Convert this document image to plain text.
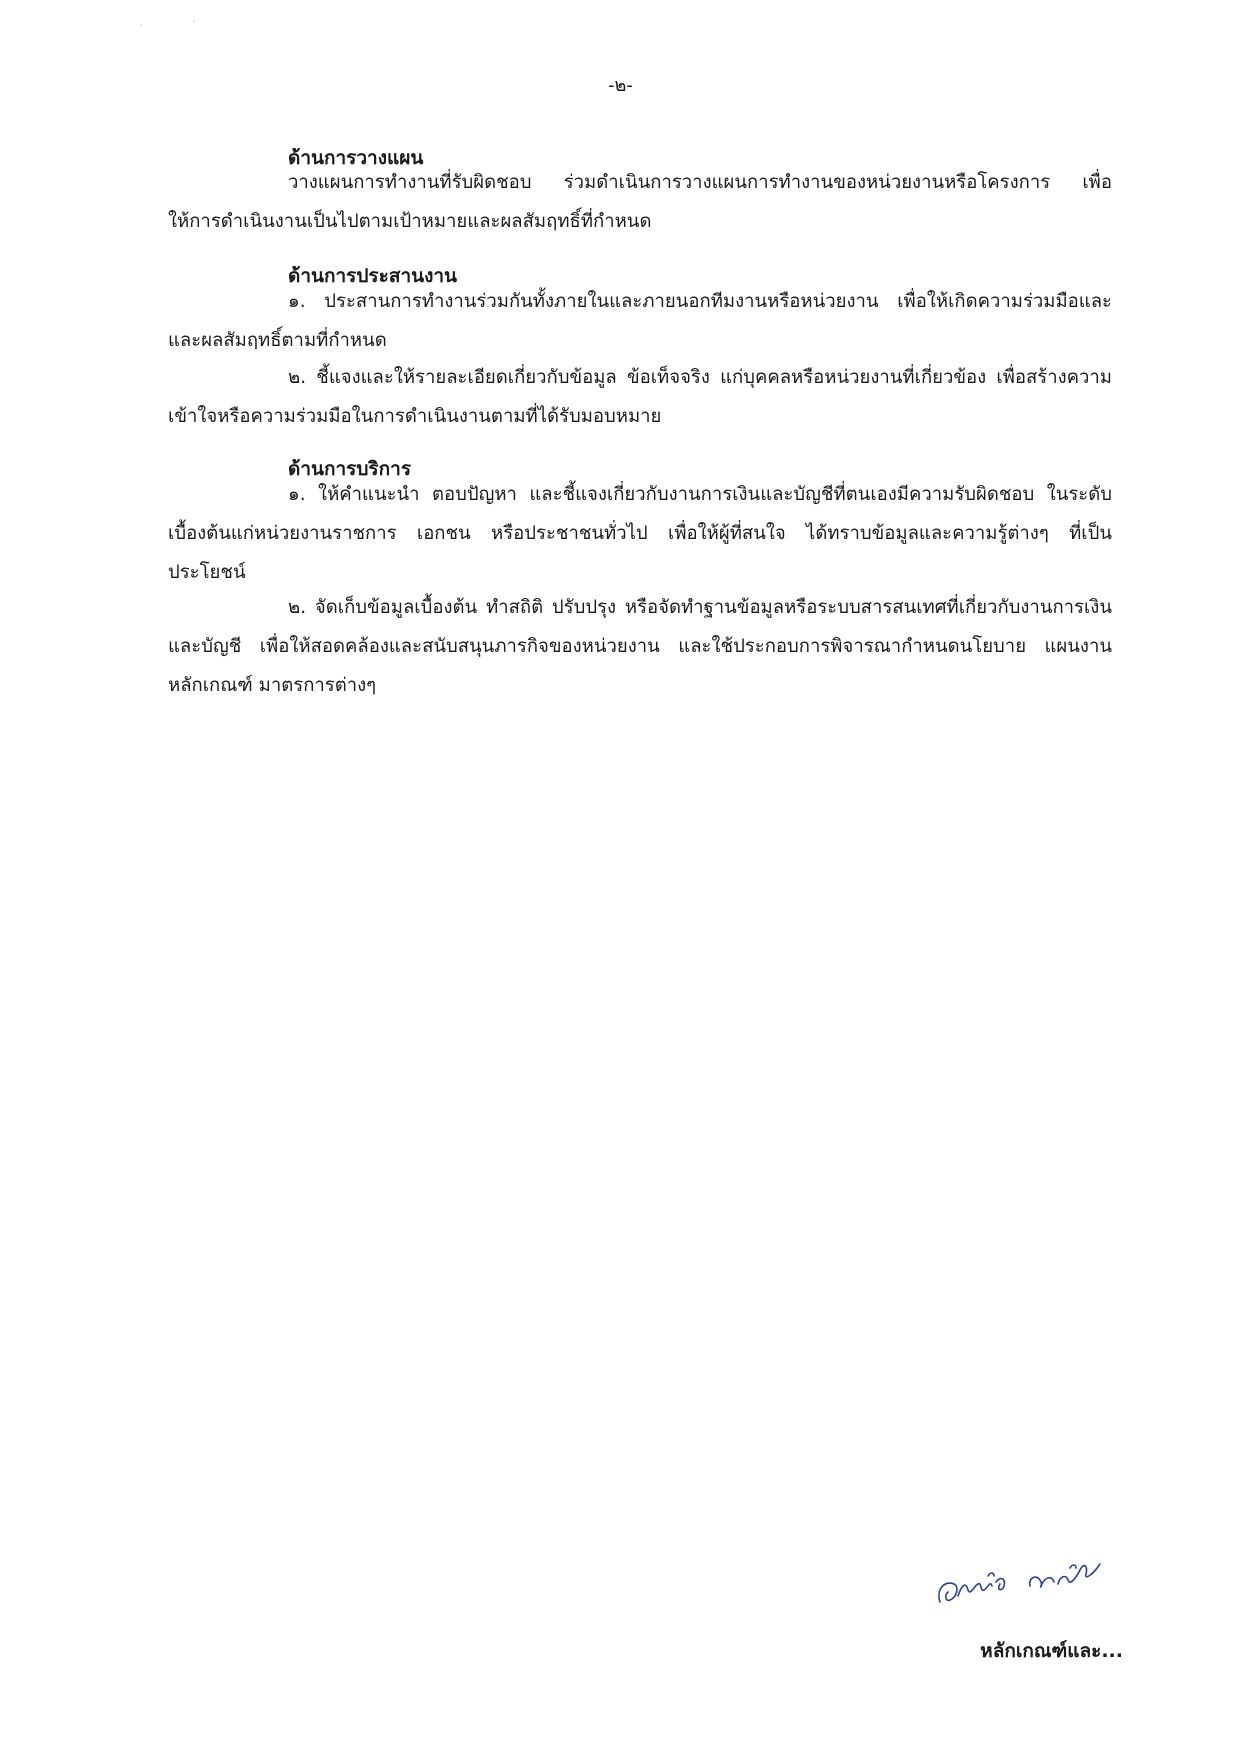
-๒-
ด้านการวางแผน

วางแผนการทำงานที่รับผิดชอบ ร่วมดำเนินการวางแผนการทำงานของหน่วยงานหรือโครงการ เพื่อให้การดำเนินงานเป็นไปตามเป้าหมายและผลสัมฤทธิ์ที่กำหนด

ด้านการประสานงาน

๑. ประสานการทำงานร่วมกันทั้งภายในและภายนอกทีมงานหรือหน่วยงาน เพื่อให้เกิดความร่วมมือและและผลสัมฤทธิ์ตามที่กำหนด

๒. ชี้แจงและให้รายละเอียดเกี่ยวกับข้อมูล ข้อเท็จจริง แก่บุคคลหรือหน่วยงานที่เกี่ยวข้อง เพื่อสร้างความเข้าใจหรือความร่วมมือในการดำเนินงานตามที่ได้รับมอบหมาย

ด้านการบริการ

๑. ให้คำแนะนำ ตอบปัญหา และชี้แจงเกี่ยวกับงานการเงินและบัญชีที่ตนเองมีความรับผิดชอบ ในระดับเบื้องต้นแก่หน่วยงานราชการ เอกชน หรือประชาชนทั่วไป เพื่อให้ผู้ที่สนใจ ได้ทราบข้อมูลและความรู้ต่างๆ ที่เป็นประโยชน์

๒. จัดเก็บข้อมูลเบื้องต้น ทำสถิติ ปรับปรุง หรือจัดทำฐานข้อมูลหรือระบบสารสนเทศที่เกี่ยวกับงานการเงินและบัญชี เพื่อให้สอดคล้องและสนับสนุนภารกิจของหน่วยงาน และใช้ประกอบการพิจารณากำหนดนโยบาย แผนงาน หลักเกณฑ์ มาตรการต่างๆ

หลักเกณฑ์และ...
